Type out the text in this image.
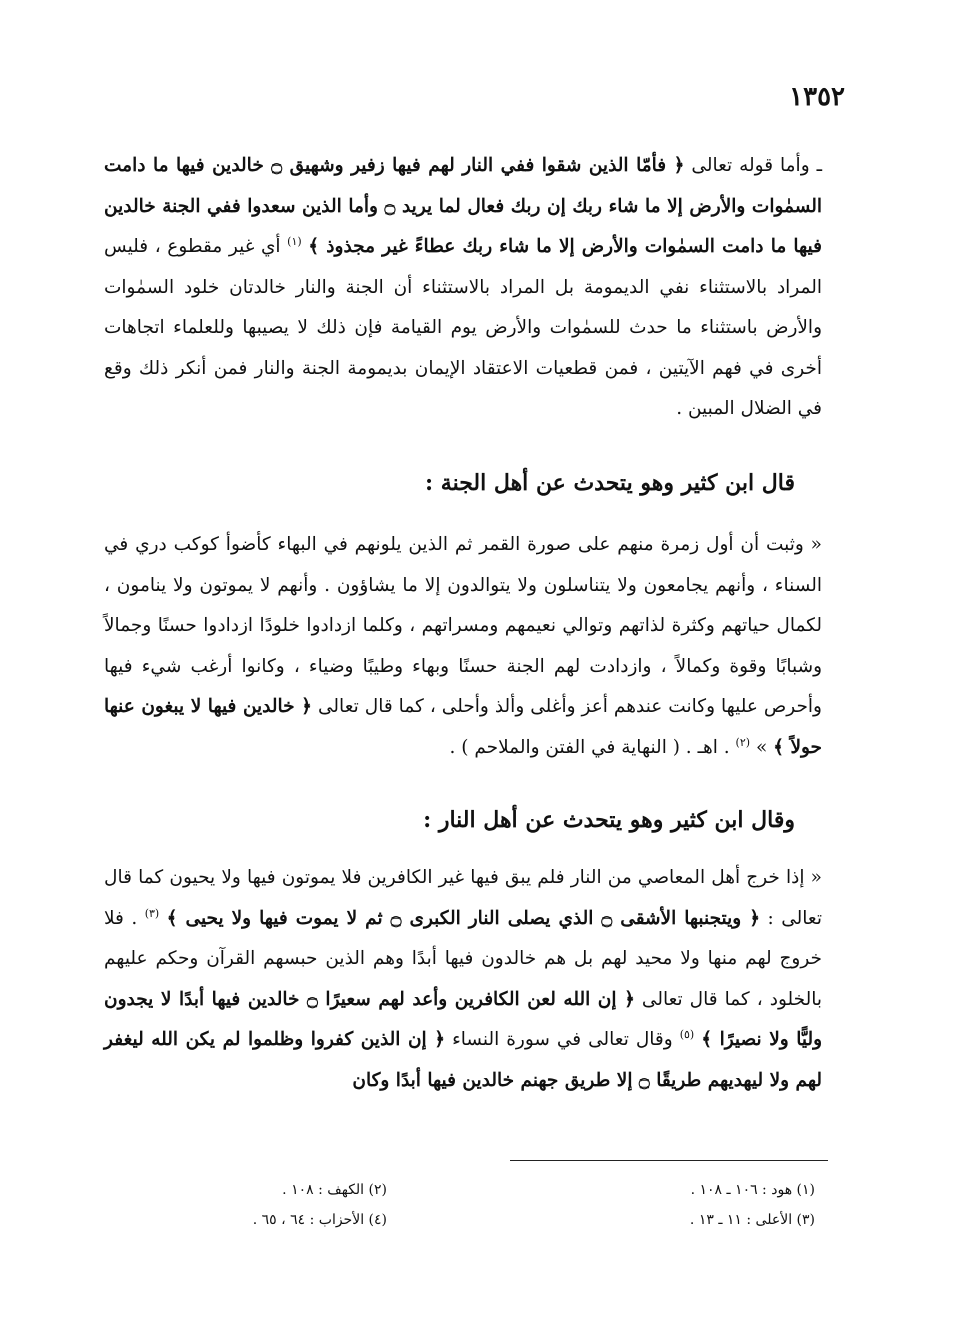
١٣٥٢
ـ وأما قوله تعالى ﴿ فأمّا الذين شقوا ففي النار لهم فيها زفير وشهيق ۝ خالدين فيها ما دامت السمٰوات والأرض إلا ما شاء ربك إن ربك فعال لما يريد ۝ وأما الذين سعدوا ففي الجنة خالدين فيها ما دامت السمٰوات والأرض إلا ما شاء ربك عطاءً غير مجذوذ ﴾ $^{(١)}$ أي غير مقطوع ، فليس المراد بالاستثناء نفي الديمومة بل المراد بالاستثناء أن الجنة والنار خالدتان خلود السمٰوات والأرض باستثناء ما حدث للسمٰوات والأرض يوم القيامة فإن ذلك لا يصيبها وللعلماء اتجاهات أخرى في فهم الآيتين ، فمن قطعيات الاعتقاد الإيمان بديمومة الجنة والنار فمن أنكر ذلك وقع في الضلال المبين .
قال ابن كثير وهو يتحدث عن أهل الجنة :
« وثبت أن أول زمرة منهم على صورة القمر ثم الذين يلونهم في البهاء كأضوأ كوكب دري في السناء ، وأنهم يجامعون ولا يتناسلون ولا يتوالدون إلا ما يشاؤون . وأنهم لا يموتون ولا ينامون ، لكمال حياتهم وكثرة لذاتهم وتوالي نعيمهم ومسراتهم ، وكلما ازدادوا خلودًا ازدادوا حسنًا وجمالاً وشبابًا وقوة وكمالاً ، وازدادت لهم الجنة حسنًا وبهاء وطيبًا وضياء ، وكانوا أرغب شيء فيها وأحرص عليها وكانت عندهم أعز وأغلى وألذ وأحلى ، كما قال تعالى ﴿ خالدين فيها لا يبغون عنها حولاً ﴾ » $^{(٢)}$ . اهـ . ( النهاية في الفتن والملاحم ) .
وقال ابن كثير وهو يتحدث عن أهل النار :
« إذا خرج أهل المعاصي من النار فلم يبق فيها غير الكافرين فلا يموتون فيها ولا يحيون كما قال تعالى : ﴿ ويتجنبها الأشقى ۝ الذي يصلى النار الكبرى ۝ ثم لا يموت فيها ولا يحيى ﴾ $^{(٣)}$ . فلا خروج لهم منها ولا محيد لهم بل هم خالدون فيها أبدًا وهم الذين حبسهم القرآن وحكم عليهم بالخلود ، كما قال تعالى ﴿ إن الله لعن الكافرين وأعد لهم سعيرًا ۝ خالدين فيها أبدًا لا يجدون وليًّا ولا نصيرًا ﴾ $^{(٥)}$ وقال تعالى في سورة النساء ﴿ إن الذين كفروا وظلموا لم يكن الله ليغفر لهم ولا ليهديهم طريقًا ۝ إلا طريق جهنم خالدين فيها أبدًا وكان
(١) هود : ١٠٦ ـ ١٠٨ .
(٢) الكهف : ١٠٨ .
(٣) الأعلى : ١١ ـ ١٣ .
(٤) الأحزاب : ٦٤ ، ٦٥ .
